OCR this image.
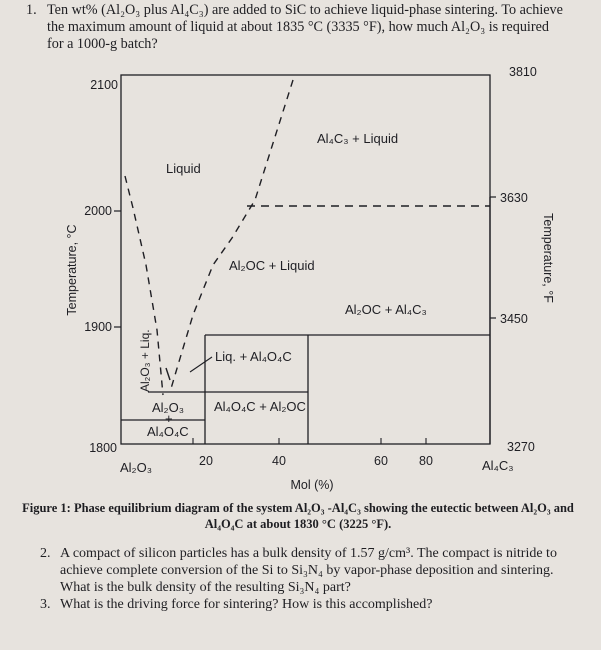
1. Ten wt% (Al₂O₃ plus Al₄C₃) are added to SiC to achieve liquid-phase sintering. To achieve the maximum amount of liquid at about 1835 °C (3335 °F), how much Al₂O₃ is required for a 1000-g batch?
Liquid
Al₄C₃ + Liquid
Al₂OC + Liquid
Al₂OC + Al₄C₃
Liq. + Al₄O₄C
Al₄O₄C + Al₂OC
Al₂O₃
+
Al₄O₄C
Al₂O₃ + Liq.
2100
2000
1900
1800
3810
3630
3450
3270
20	40	60 80
Al₂O₃	Al₄C₃
Mol (%)
Temperature, °C	Temperature, °F
Figure 1: Phase equilibrium diagram of the system Al₂O₃ -Al₄C₃ showing the eutectic between Al₂O₃ and Al₄O₄C at about 1830 °C (3225 °F).
2. A compact of silicon particles has a bulk density of 1.57 g/cm³. The compact is nitride to achieve complete conversion of the Si to Si₃N₄ by vapor-phase deposition and sintering. What is the bulk density of the resulting Si₃N₄ part?
3. What is the driving force for sintering? How is this accomplished?
